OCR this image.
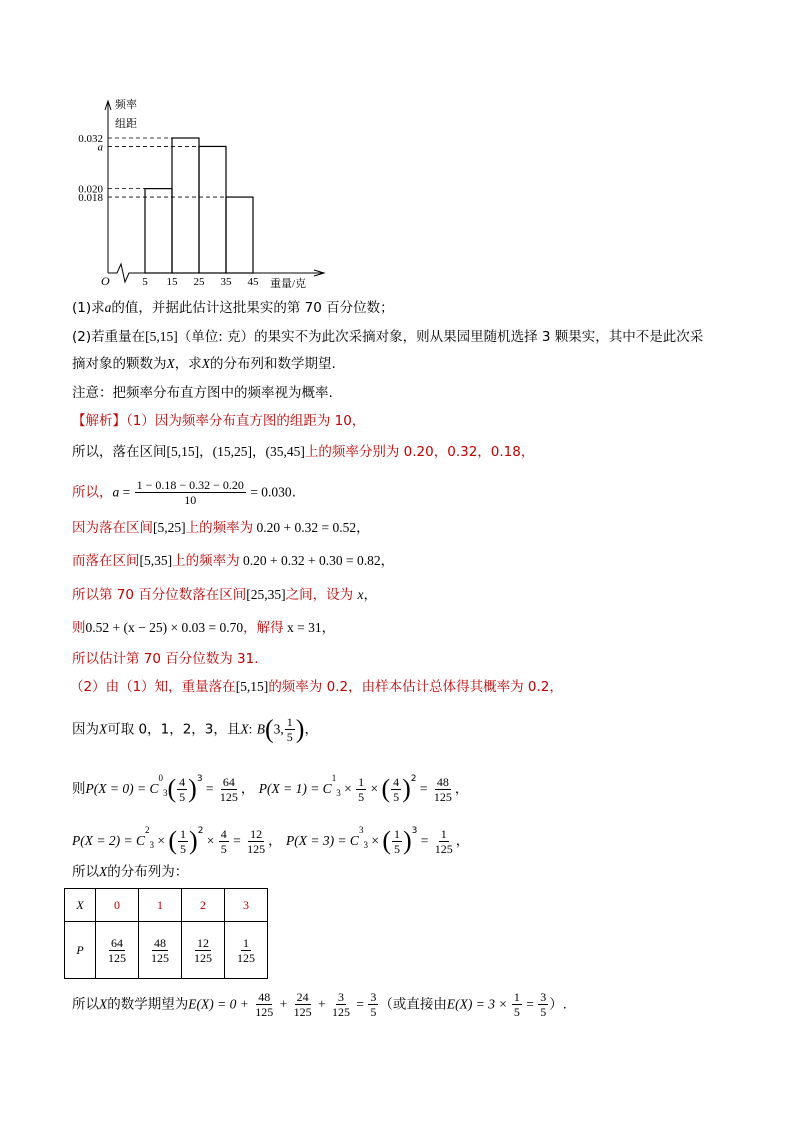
0.032
a
0.020
0.018
5 15 25 35 45
频率
组距
重量/克
O
(1)求a的值，并据此估计这批果实的第 70 百分位数；
(2)若重量在[5,15]（单位: 克）的果实不为此次采摘对象，则从果园里随机选择 3 颗果实，其中不是此次采
摘对象的颗数为X，求X的分布列和数学期望.
注意：把频率分布直方图中的频率视为概率.
【解析】（1）因为频率分布直方图的组距为 10，
所以，落在区间[5,15]，(15,25]，(35,45]上的频率分别为 0.20，0.32，0.18，
所以，$a = \frac{1 - 0.18 - 0.32 - 0.20}{10} = 0.030$.
因为落在区间[5,25]上的频率为 0.20 + 0.32 = 0.52，
而落在区间[5,35]上的频率为 0.20 + 0.32 + 0.30 = 0.82，
所以第 70 百分位数落在区间[25,35]之间，设为 x，
则0.52 + (x − 25) × 0.03 = 0.70，解得 x = 31，
所以估计第 70 百分位数为 31.
（2）由（1）知，重量落在[5,15]的频率为 0.2，由样本估计总体得其概率为 0.2，
因为X可取 0，1，2，3，且X: B(3, $\frac{1}{5}$ )，
则$P(X = 0) = C^0_3( \frac{4}{5} )^3 = \frac{64}{125}$ ， $P(X = 1) = C^1_3 \times \frac{1}{5}$ × ( $\frac{4}{5} )^2 = \frac{48}{125}$ ，
$P(X = 2) = C^2_3$ × ( $\frac{1}{5} )^2 \times \frac{4}{5} = \frac{12}{125}$ ， $P(X = 3) = C^3_3$ × ( $\frac{1}{5} )^3 = \frac{1}{125}$ ，
所以X的分布列为：
X	0	1	2	3
P	$\frac{64}{125}$	$\frac{48}{125}$	$\frac{12}{125}$	$\frac{1}{125}$
所以X的数学期望为$E(X) = 0 + \frac{48}{125} + \frac{24}{125} + \frac{3}{125} = \frac{3}{5}$ （或直接由$E(X) = 3 \times \frac{1}{5} = \frac{3}{5}$ ）.
